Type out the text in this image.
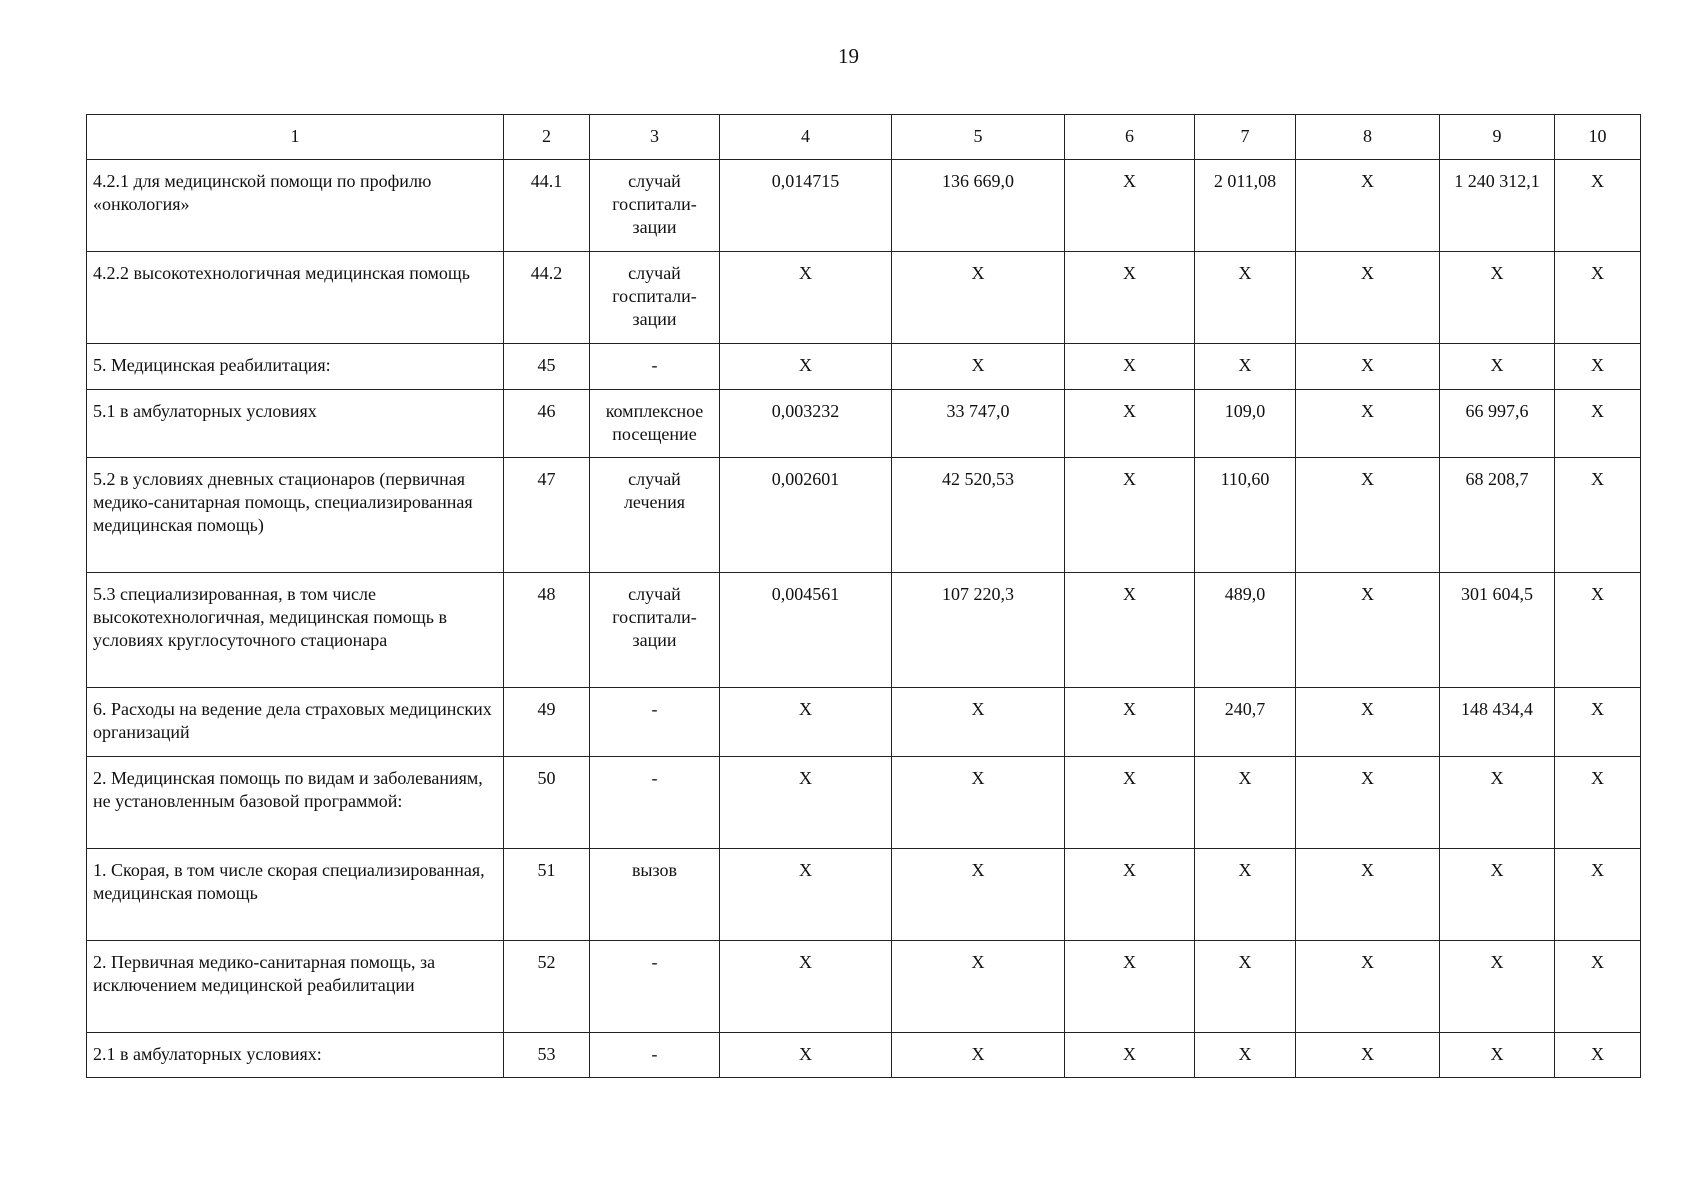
19
1	2	3	4	5	6	7	8	9	10
4.2.1 для медицинской помощи по профилю «онкология»	44.1	случай госпитали-зации	0,014715	136 669,0	Х	2 011,08	Х	1 240 312,1	Х
4.2.2 высокотехнологичная медицинская помощь	44.2	случай госпитали-зации	Х	Х	Х	Х	Х	Х	Х
5. Медицинская реабилитация:	45	-	Х	Х	Х	Х	Х	Х	Х
5.1 в амбулаторных условиях	46	комплексное посещение	0,003232	33 747,0	Х	109,0	Х	66 997,6	Х
5.2 в условиях дневных стационаров (первичная медико-санитарная помощь, специализированная медицинская помощь)	47	случай лечения	0,002601	42 520,53	Х	110,60	Х	68 208,7	Х
5.3 специализированная, в том числе высокотехнологичная, медицинская помощь в условиях круглосуточного стационара	48	случай госпитали-зации	0,004561	107 220,3	Х	489,0	Х	301 604,5	Х
6. Расходы на ведение дела страховых медицинских организаций	49	-	Х	Х	Х	240,7	Х	148 434,4	Х
2. Медицинская помощь по видам и заболеваниям, не установленным базовой программой:	50	-	Х	Х	Х	Х	Х	Х	Х
1. Скорая, в том числе скорая специализированная, медицинская помощь	51	вызов	Х	Х	Х	Х	Х	Х	Х
2. Первичная медико-санитарная помощь, за исключением медицинской реабилитации	52	-	Х	Х	Х	Х	Х	Х	Х
2.1 в амбулаторных условиях:	53	-	Х	Х	Х	Х	Х	Х	Х
